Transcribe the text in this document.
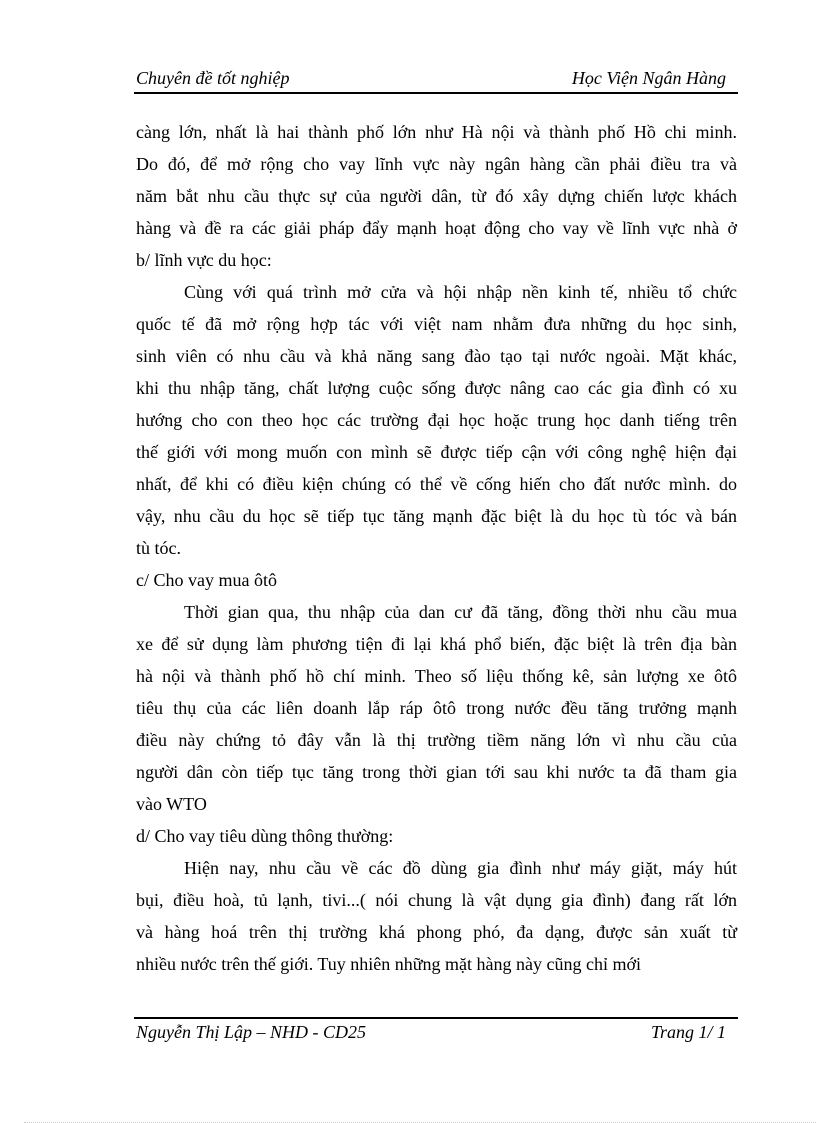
Chuyên đề tốt nghiệp	Học Viện Ngân Hàng
càng lớn, nhất là hai thành phố lớn như Hà nội và thành phố Hồ chi minh.
Do đó, để mở rộng cho vay lĩnh vực này ngân hàng cần phải điều tra và
năm bắt nhu cầu thực sự của người dân, từ đó xây dựng chiến lược khách
hàng và đề ra các giải pháp đẩy mạnh hoạt động cho vay về lĩnh vực nhà ở
b/ lĩnh vực du học:
Cùng với quá trình mở cửa và hội nhập nền kinh tế, nhiều tổ chức
quốc tế đã mở rộng hợp tác với việt nam nhằm đưa những du học sinh,
sinh viên có nhu cầu và khả năng sang đào tạo tại nước ngoài. Mặt khác,
khi thu nhập tăng, chất lượng cuộc sống được nâng cao các gia đình có xu
hướng cho con theo học các trường đại học hoặc trung học danh tiếng trên
thế giới với mong muốn con mình sẽ được tiếp cận với công nghệ hiện đại
nhất, để khi có điều kiện chúng có thể về cống hiến cho đất nước mình. do
vậy, nhu cầu du học sẽ tiếp tục tăng mạnh đặc biệt là du học tù tóc và bán
tù tóc.
c/ Cho vay mua ôtô
Thời gian qua, thu nhập của dan cư đã tăng, đồng thời nhu cầu mua
xe để sử dụng làm phương tiện đi lại khá phổ biến, đặc biệt là trên địa bàn
hà nội và thành phố hồ chí minh. Theo số liệu thống kê, sản lượng xe ôtô
tiêu thụ của các liên doanh lắp ráp ôtô trong nước đều tăng trưởng mạnh
điều này chứng tỏ đây vẫn là thị trường tiềm năng lớn vì nhu cầu của
người dân còn tiếp tục tăng trong thời gian tới sau khi nước ta đã tham gia
vào WTO
d/ Cho vay tiêu dùng thông thường:
Hiện nay, nhu cầu về các đồ dùng gia đình như máy giặt, máy hút
bụi, điều hoà, tủ lạnh, tivi...( nói chung là vật dụng gia đình) đang rất lớn
và hàng hoá trên thị trường khá phong phó, đa dạng, được sản xuất từ
nhiều nước trên thế giới. Tuy nhiên những mặt hàng này cũng chỉ mới
Nguyễn Thị Lập – NHD - CD25	Trang 1/ 1
